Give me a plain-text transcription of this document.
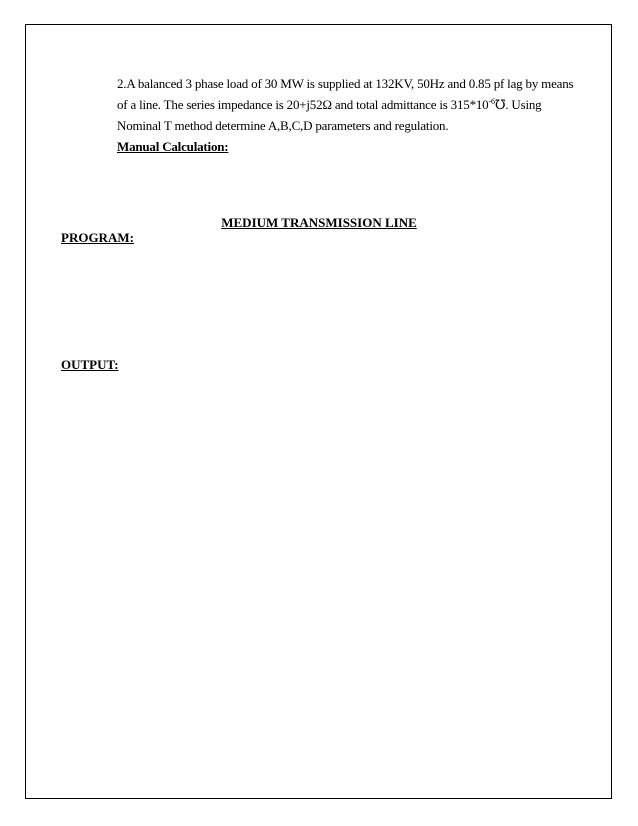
2.A balanced 3 phase load of 30 MW is supplied at 132KV, 50Hz and 0.85 pf lag by means

of a line. The series impedance is 20+j52Ω and total admittance is $315*10^{-6}℧$. Using

Nominal T method determine A,B,C,D parameters and regulation.

Manual Calculation:

MEDIUM TRANSMISSION LINE
PROGRAM:
OUTPUT:
